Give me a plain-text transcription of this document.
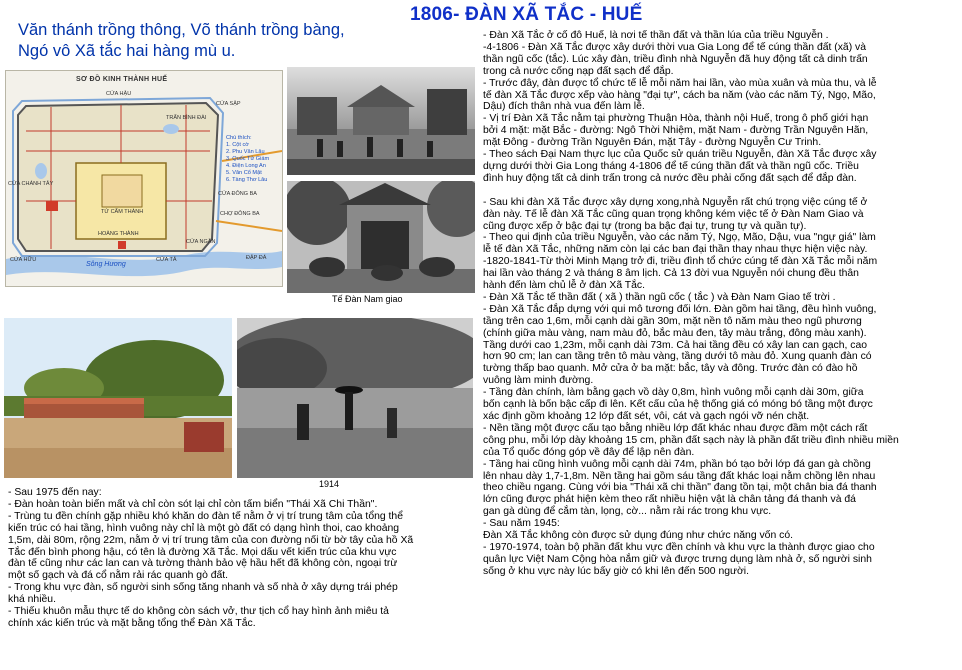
Văn thánh trồng thông, Võ thánh trồng bàng,
Ngó vô Xã tắc hai hàng mù u.
1806- ĐÀN XÃ TẮC - HUẾ
SƠ ĐỒ KINH THÀNH HUẾ
CỬA HẬU
TRẤN BÌNH ĐÀI
HOÀNG THÀNH
TỬ CẤM THÀNH
CỬA ĐÔNG BA
ĐẬP ĐÁ
CỬA NGĂN
CHỢ ĐÔNG BA
CỬA CHÁNH TÂY
CỬA HỮU	CỬA TẢ
CỬA SẬP
Chú thích:
1. Cột cờ
2. Phu Văn Lâu
3. Quốc Tử Giám
4. Điện Long An
5. Văn Cổ Mật
6. Tàng Thơ Lâu
Sông Hương
Tế Đàn Nam giao
1914
- Đàn Xã Tắc ở cố đô Huế, là nơi tế thần đất và thần lúa của triều Nguyễn .
-4-1806 - Đàn Xã Tắc được xây dưới thời vua Gia Long để tế cúng thần đất (xã) và
thần ngũ cốc (tắc). Lúc xây đàn, triều đình nhà Nguyễn đã huy động tất cả dinh trấn
trong cả nước cống nạp đất sạch để đắp.
- Trước đây, đàn được tổ chức tế lễ mỗi năm hai lần, vào mùa xuân và mùa thu, và lễ
tế đàn Xã Tắc được xếp vào hàng "đại tự", cách ba năm (vào các năm Tý, Ngọ, Mão,
Dậu) đích thân nhà vua đến làm lễ.
- Vị trí Đàn Xã Tắc nằm tại phường Thuận Hòa, thành nội Huế, trong ô phố giới hạn
bởi 4 mặt: mặt Bắc - đường: Ngô Thời Nhiệm, mặt Nam - đường Trần Nguyên Hãn,
mặt Đông - đường Trần Nguyên Đán, mặt Tây - đường Nguyễn Cư Trinh.
- Theo sách Đại Nam thực lục của Quốc sử quán triều Nguyễn, đàn Xã Tắc được xây
dựng dưới thời Gia Long tháng 4-1806 để tế cúng thần đất và thần ngũ cốc. Triều
đình huy động tất cả dinh trấn trong cả nước đều phải cống đất sạch để đắp đàn.

- Sau khi đàn Xã Tắc được xây dựng xong,nhà Nguyễn rất chú trọng việc cúng tế ở
đàn này. Tế lễ đàn Xã Tắc cũng quan trọng không kém việc tế ở Đàn Nam Giao và
cũng được xếp ở bậc đại tự (trong ba bậc đại tự, trung tự và quần tự).
- Theo qui định của triều Nguyễn, vào các năm Tý, Ngọ, Mão, Dậu, vua "ngự giá" làm
lễ tế đàn Xã Tắc, những năm còn lại các ban đại thần thay nhau thực hiện việc này.
-1820-1841-Từ thời Minh Mạng trở đi, triều đình tổ chức cúng tế đàn Xã Tắc mỗi năm
hai lần vào tháng 2 và tháng 8 âm lịch. Cả 13 đời vua Nguyễn nói chung đều thân
hành đến làm chủ lễ ở đàn Xã Tắc.
- Đàn Xã Tắc tế thần đất ( xã ) thần ngũ cốc ( tắc ) và Đàn Nam Giao tế trời .
- Đàn Xã Tắc đắp dựng với qui mô tương đối lớn. Đàn gồm hai tầng, đều hình vuông,
tầng trên cao 1,6m, mỗi cạnh dài gần 30m, mặt nền tô năm màu theo ngũ phương
(chính giữa màu vàng, nam màu đỏ, bắc màu đen, tây màu trắng, đông màu xanh).
Tầng dưới cao 1,23m, mỗi cạnh dài 73m. Cả hai tầng đều có xây lan can gạch, cao
hơn 90 cm; lan can tầng trên tô màu vàng, tầng dưới tô màu đỏ. Xung quanh đàn có
tường thấp bao quanh. Mở cửa ở ba mặt: bắc, tây và đông. Trước đàn có đào hồ
vuông làm minh đường.
- Tầng đàn chính, làm bằng gạch vồ dày 0,8m, hình vuông mỗi cạnh dài 30m, giữa
bốn cạnh là bốn bậc cấp đi lên. Kết cấu của hệ thống giá có móng bó tầng một được
xác định gồm khoảng 12 lớp đất sét, vôi, cát và gạch ngói vỡ nén chặt.
- Nền tầng một được cấu tạo bằng nhiều lớp đất khác nhau được đầm một cách rất
công phu, mỗi lớp dày khoảng 15 cm, phần đất sạch này là phần đất triều đình nhiều miền
của Tổ quốc đóng góp về đây để lập nên đàn.
- Tầng hai cũng hình vuông mỗi cạnh dài 74m, phần bó tạo bởi lớp đá gan gà chồng
lên nhau dày 1,7-1,8m. Nền tầng hai gồm sáu tầng đất khác loại nằm chồng lên nhau
theo chiều ngang. Cùng với bia "Thái xã chi thần" đang tồn tại, một chân bia đá thanh
lớn cũng được phát hiện kèm theo rất nhiều hiện vật là chân tảng đá thanh và đá
gan gà dùng để cắm tàn, lọng, cờ... nằm rải rác trong khu vực.
- Sau năm 1945:
Đàn Xã Tắc không còn được sử dụng đúng như chức năng vốn có.
- 1970-1974, toàn bộ phần đất khu vực đền chính và khu vực la thành được giao cho
quân lực Việt Nam Cộng hòa nắm giữ và được trưng dụng làm nhà ở, số người sinh
sống ở khu vực này lúc bấy giờ có khi lên đến 500 người.
- Sau 1975 đến nay:
- Đàn hoàn toàn biến mất và chỉ còn sót lại chỉ còn tấm biển "Thái Xã Chi Thần".
- Trùng tu đền chính gặp nhiều khó khăn do đàn tế nằm ở vị trí trung tâm của tổng thể
kiến trúc có hai tầng, hình vuông này chỉ là một gò đất có dạng hình thoi, cao khoảng
1,5m, dài 80m, rộng 22m, nằm ở vị trí trung tâm của con đường nối từ bờ tây của hồ Xã
Tắc đến bình phong hậu, có tên là đường Xã Tắc. Mọi dấu vết kiến trúc của khu vực
đàn tế cũng như các lan can và tường thành bảo vệ hầu hết đã không còn, ngoại trừ
một số gạch và đá cổ nằm rải rác quanh gò đất.
- Trong khu vực đàn, số người sinh sống tăng nhanh và số nhà ở xây dựng trái phép
khá nhiều.
- Thiếu khuôn mẫu thực tế do không còn sách vở, thư tịch cổ hay hình ảnh miêu tả
chính xác kiến trúc và mặt bằng tổng thể Đàn Xã Tắc.
